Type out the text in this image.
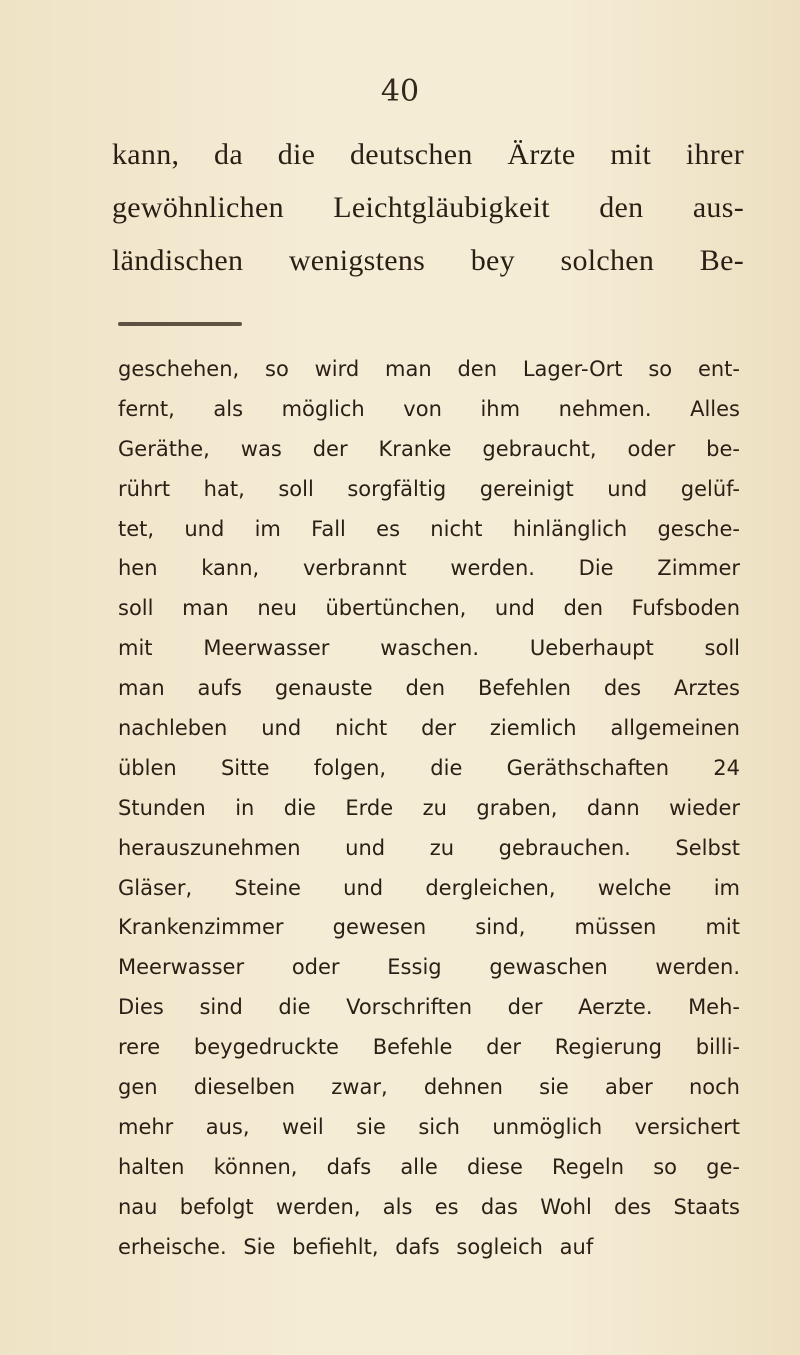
40
kann, da die deutschen Ärzte mit ihrer
gewöhnlichen Leichtgläubigkeit den aus-
ländischen wenigstens bey solchen Be-
geschehen, so wird man den Lager-Ort so ent-
fernt, als möglich von ihm nehmen. Alles
Geräthe, was der Kranke gebraucht, oder be-
rührt hat, soll sorgfältig gereinigt und gelüf-
tet, und im Fall es nicht hinlänglich gesche-
hen kann, verbrannt werden. Die Zimmer
soll man neu übertünchen, und den Fufsboden
mit Meerwasser waschen. Ueberhaupt soll
man aufs genauste den Befehlen des Arztes
nachleben und nicht der ziemlich allgemeinen
üblen Sitte folgen, die Geräthschaften 24
Stunden in die Erde zu graben, dann wieder
herauszunehmen und zu gebrauchen. Selbst
Gläser, Steine und dergleichen, welche im
Krankenzimmer gewesen sind, müssen mit
Meerwasser oder Essig gewaschen werden.
Dies sind die Vorschriften der Aerzte. Meh-
rere beygedruckte Befehle der Regierung billi-
gen dieselben zwar, dehnen sie aber noch
mehr aus, weil sie sich unmöglich versichert
halten können, dafs alle diese Regeln so ge-
nau befolgt werden, als es das Wohl des Staats
erheische. Sie befiehlt, dafs sogleich auf
